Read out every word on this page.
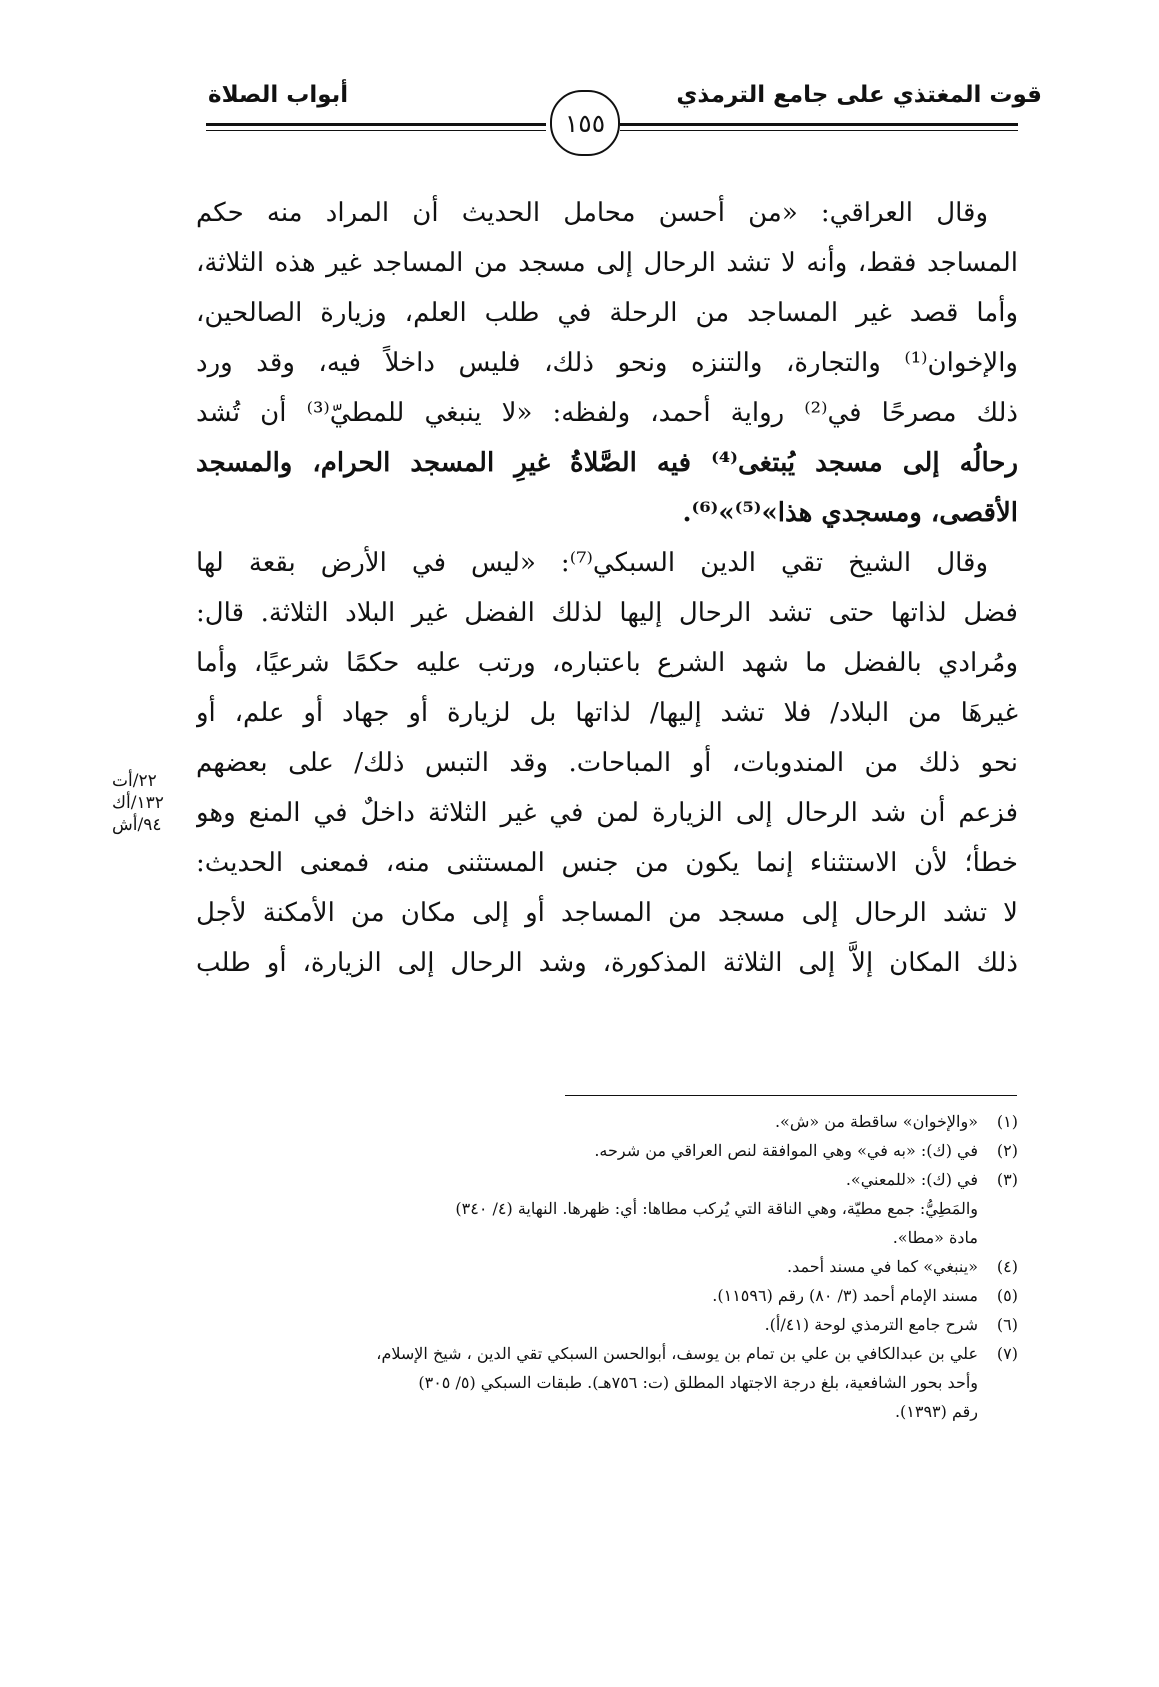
قوت المغتذي على جامع الترمذي
أبواب الصلاة
١٥٥
وقال العراقي: «من أحسن محامل الحديث أن المراد منه حكم
المساجد فقط، وأنه لا تشد الرحال إلى مسجد من المساجد غير هذه الثلاثة،
وأما قصد غير المساجد من الرحلة في طلب العلم، وزيارة الصالحين،
والإخوان⁽¹⁾ والتجارة، والتنزه ونحو ذلك، فليس داخلاً فيه، وقد ورد
ذلك مصرحًا في⁽²⁾ رواية أحمد، ولفظه: «لا ينبغي للمطيّ⁽³⁾ أن تُشد
رحالُه إلى مسجد يُبتغى⁽⁴⁾ فيه الصَّلاةُ غيرِ المسجد الحرام، والمسجد
الأقصى، ومسجدي هذا»⁽⁵⁾»⁽⁶⁾.
وقال الشيخ تقي الدين السبكي⁽⁷⁾: «ليس في الأرض بقعة لها
فضل لذاتها حتى تشد الرحال إليها لذلك الفضل غير البلاد الثلاثة. قال:
ومُرادي بالفضل ما شهد الشرع باعتباره، ورتب عليه حكمًا شرعيًا، وأما
غيرهَا من البلاد/ فلا تشد إليها/ لذاتها بل لزيارة أو جهاد أو علم، أو
نحو ذلك من المندوبات، أو المباحات. وقد التبس ذلك/ على بعضهم
فزعم أن شد الرحال إلى الزيارة لمن في غير الثلاثة داخلٌ في المنع وهو
خطأ؛ لأن الاستثناء إنما يكون من جنس المستثنى منه، فمعنى الحديث:
لا تشد الرحال إلى مسجد من المساجد أو إلى مكان من الأمكنة لأجل
ذلك المكان إلاَّ إلى الثلاثة المذكورة، وشد الرحال إلى الزيارة، أو طلب
٢٢/أت
١٣٢/أك
٩٤/أش
(١)
«والإخوان» ساقطة من «ش».
(٢)
في (ك): «به في» وهي الموافقة لنص العراقي من شرحه.
(٣)
في (ك): «للمعني».
والمَطِيُّ: جمع مطيّة، وهي الناقة التي يُركب مطاها: أي: ظهرها. النهاية (٤/ ٣٤٠)
مادة «مطا».
(٤)
«ينبغي» كما في مسند أحمد.
(٥)
مسند الإمام أحمد (٣/ ٨٠) رقم (١١٥٩٦).
(٦)
شرح جامع الترمذي لوحة (٤١/أ).
(٧)
علي بن عبدالكافي بن علي بن تمام بن يوسف، أبوالحسن السبكي تقي الدين ، شيخ الإسلام،
وأحد بحور الشافعية، بلغ درجة الاجتهاد المطلق (ت: ٧٥٦هـ). طبقات السبكي (٥/ ٣٠٥)
رقم (١٣٩٣).
